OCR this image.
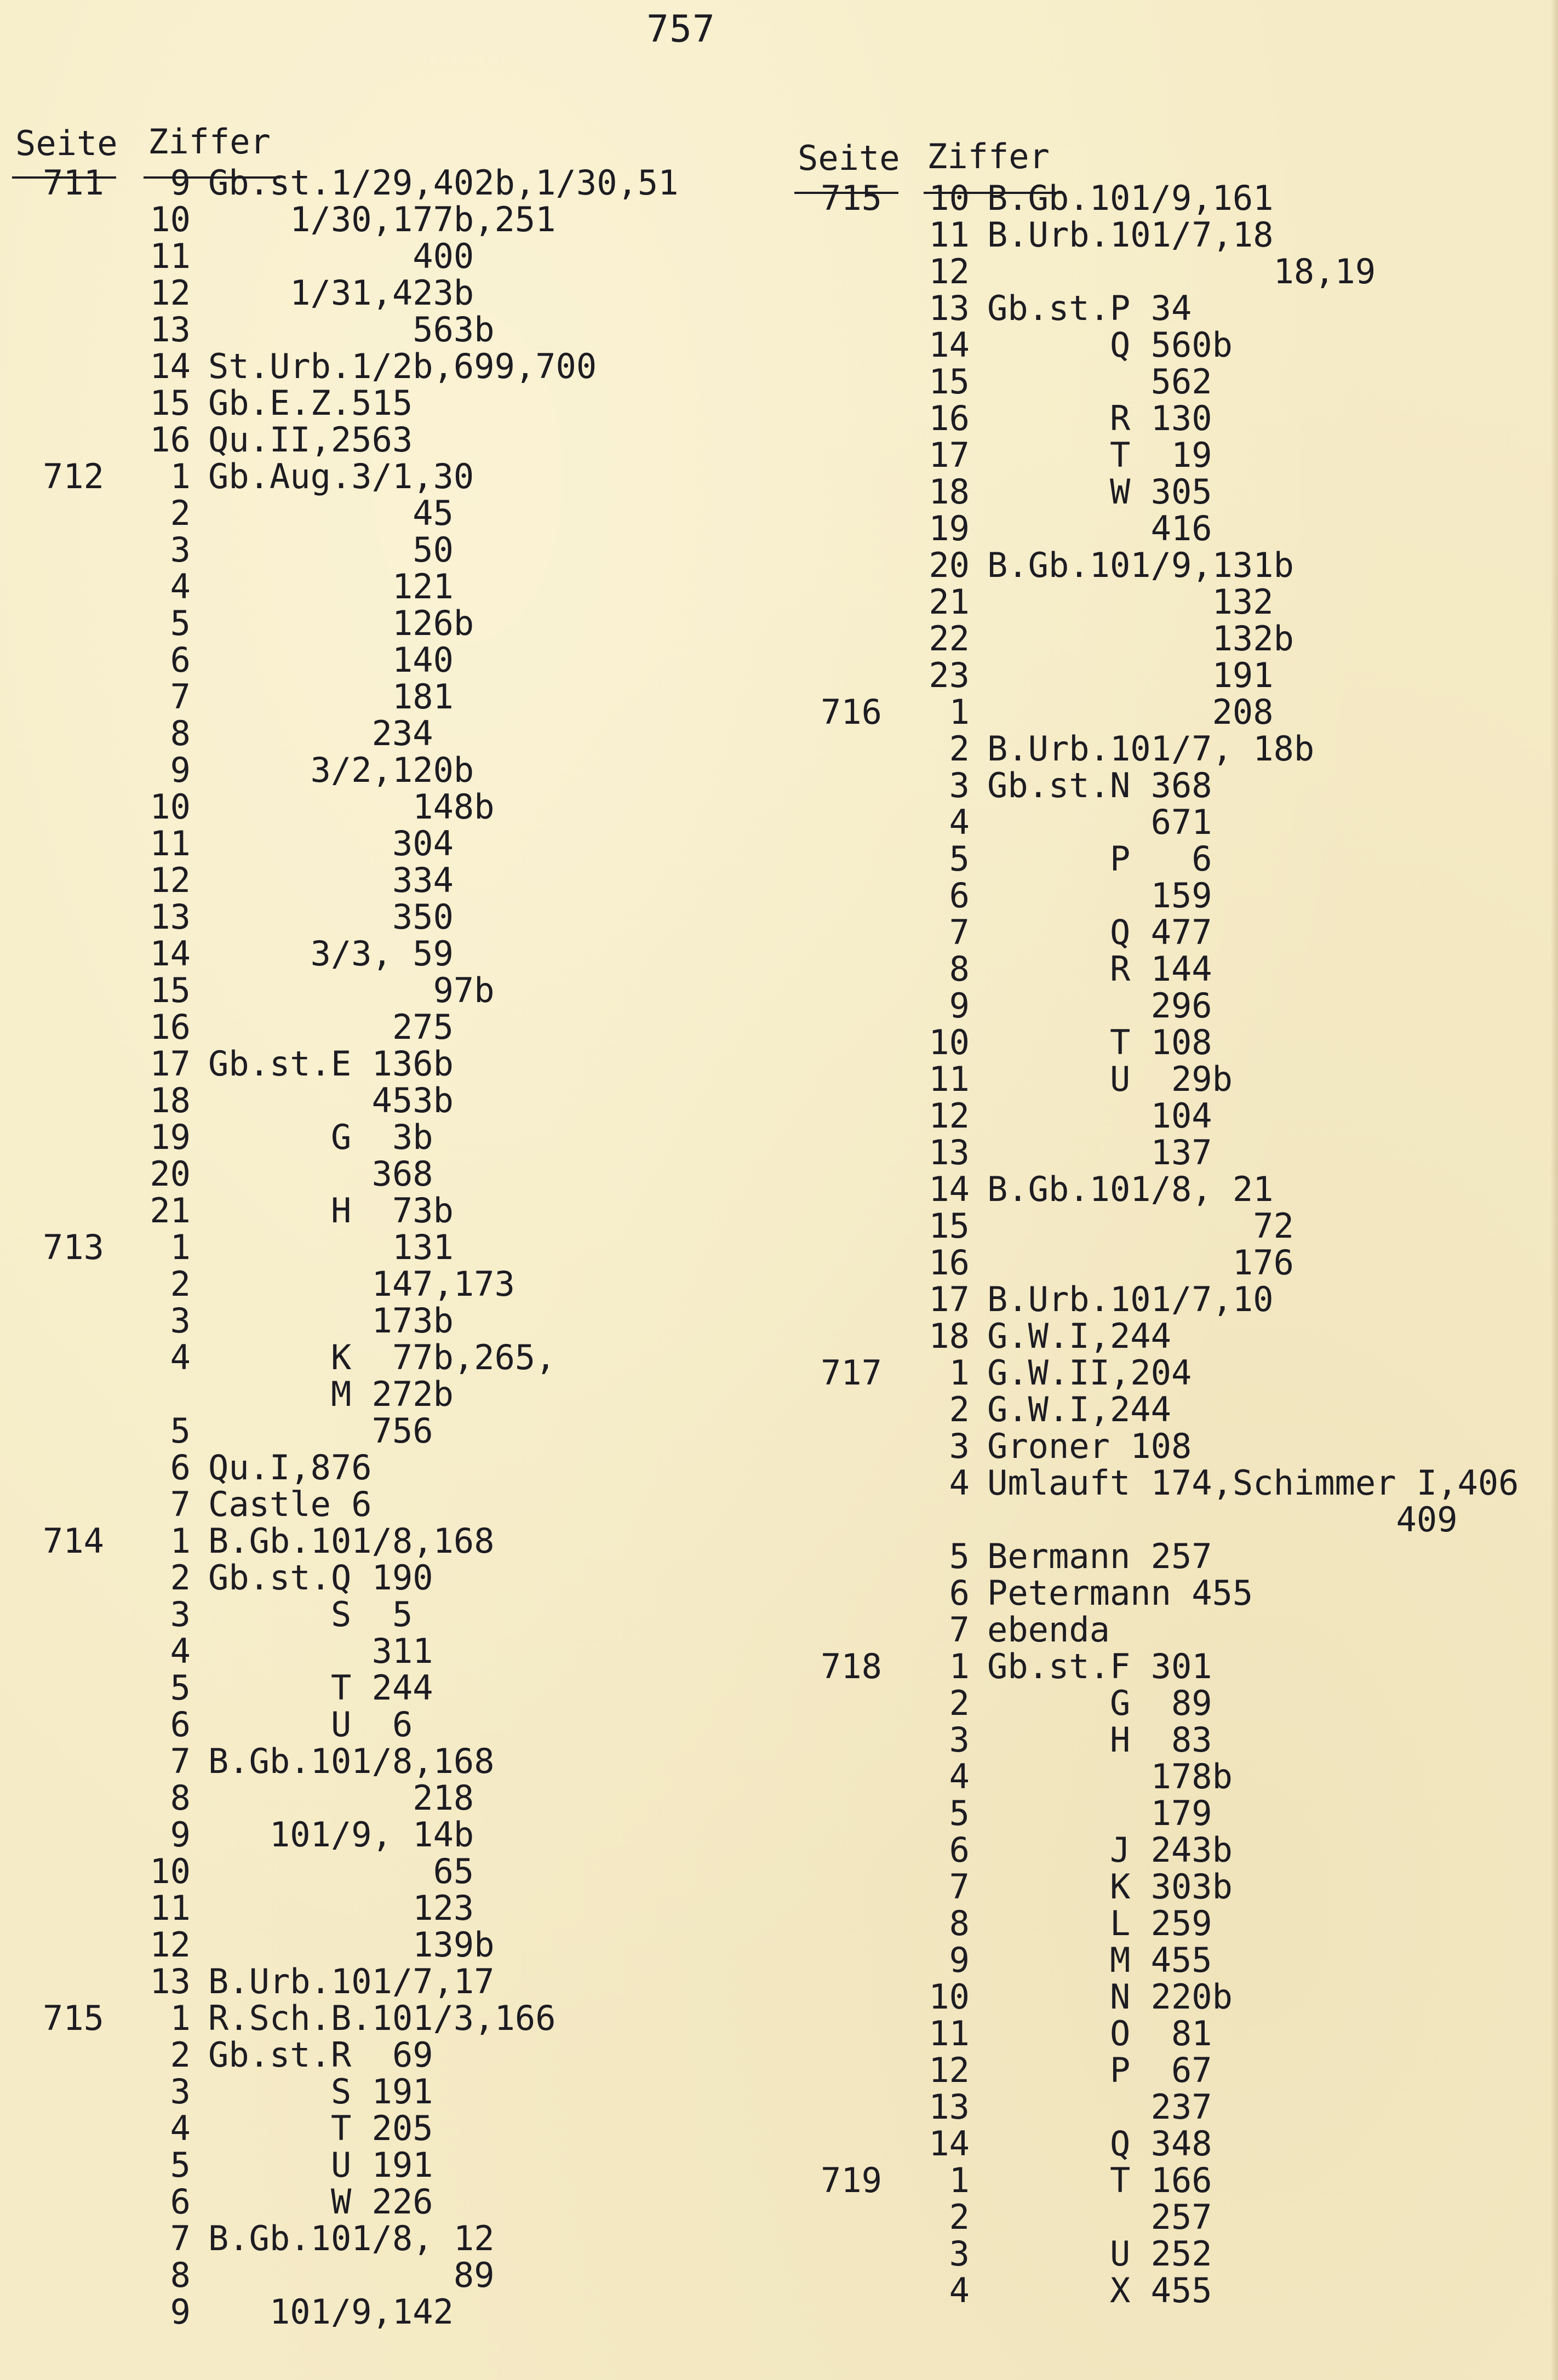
757
Seite Ziffer
711 9 Gb.st.1/29,402b,1/30,51
10 1/30,177b,251
11 400
12 1/31,423b
13 563b
14 St.Urb.1/2b,699,700
15 Gb.E.Z.515
16 Qu.II,2563
712 1 Gb.Aug.3/1,30
2 45
3 50
4 121
5 126b
6 140
7 181
8 234
9 3/2,120b
10 148b
11 304
12 334
13 350
14 3/3, 59
15 97b
16 275
17 Gb.st.E 136b
18 453b
19 G  3b
20 368
21 H  73b
713 1 131
2 147,173
3 173b
4 K  77b,265,
M 272b
5 756
6 Qu.I,876
7 Castle 6
714 1 B.Gb.101/8,168
2 Gb.st.Q 190
3 S  5
4 311
5 T 244
6 U  6
7 B.Gb.101/8,168
8 218
9 101/9, 14b
10 65
11 123
12 139b
13 B.Urb.101/7,17
715 1 R.Sch.B.101/3,166
2 Gb.st.R  69
3 S 191
4 T 205
5 U 191
6 W 226
7 B.Gb.101/8, 12
8 89
9 101/9,142
Seite Ziffer
715 10 B.Gb.101/9,161
11 B.Urb.101/7,18
12 18,19
13 Gb.st.P 34
14 Q 560b
15 562
16 R 130
17 T  19
18 W 305
19 416
20 B.Gb.101/9,131b
21 132
22 132b
23 191
716 1 208
2 B.Urb.101/7, 18b
3 Gb.st.N 368
4 671
5 P   6
6 159
7 Q 477
8 R 144
9 296
10 T 108
11 U  29b
12 104
13 137
14 B.Gb.101/8, 21
15 72
16 176
17 B.Urb.101/7,10
18 G.W.I,244
717 1 G.W.II,204
2 G.W.I,244
3 Groner 108
4 Umlauft 174,Schimmer I,406
409
5 Bermann 257
6 Petermann 455
7 ebenda
718 1 Gb.st.F 301
2 G  89
3 H  83
4 178b
5 179
6 J 243b
7 K 303b
8 L 259
9 M 455
10 N 220b
11 O  81
12 P  67
13 237
14 Q 348
719 1 T 166
2 257
3 U 252
4 X 455
